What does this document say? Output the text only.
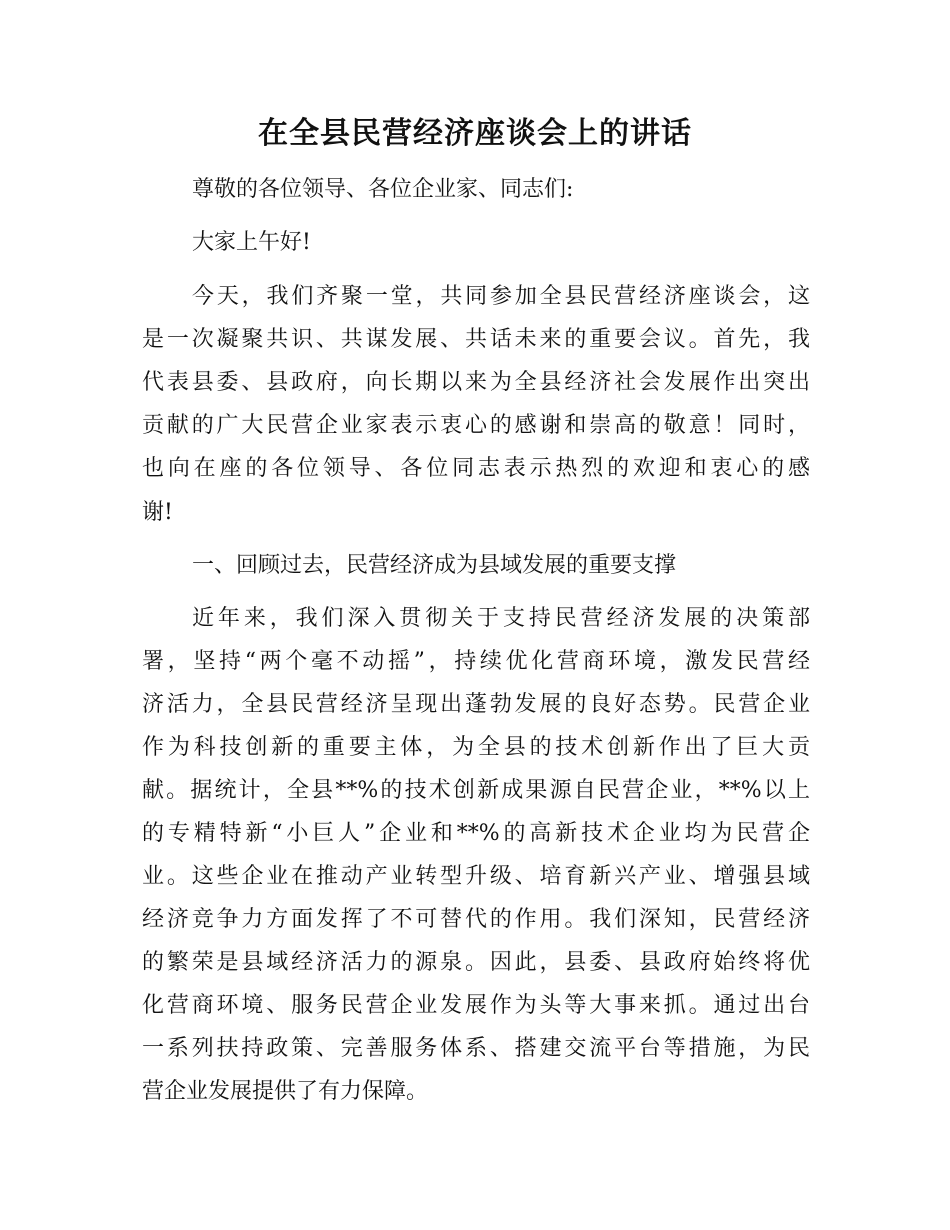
在全县民营经济座谈会上的讲话
尊敬的各位领导、各位企业家、同志们:
大家上午好!
今天，我们齐聚一堂，共同参加全县民营经济座谈会，这
是一次凝聚共识、共谋发展、共话未来的重要会议。首先，我
代表县委、县政府，向长期以来为全县经济社会发展作出突出
贡献的广大民营企业家表示衷心的感谢和崇高的敬意！同时，
也向在座的各位领导、各位同志表示热烈的欢迎和衷心的感
谢!
一、回顾过去，民营经济成为县域发展的重要支撑
近年来，我们深入贯彻关于支持民营经济发展的决策部
署，坚持“两个毫不动摇”，持续优化营商环境，激发民营经
济活力，全县民营经济呈现出蓬勃发展的良好态势。民营企业
作为科技创新的重要主体，为全县的技术创新作出了巨大贡
献。据统计，全县**%的技术创新成果源自民营企业，**%以上
的专精特新“小巨人”企业和**%的高新技术企业均为民营企
业。这些企业在推动产业转型升级、培育新兴产业、增强县域
经济竞争力方面发挥了不可替代的作用。我们深知，民营经济
的繁荣是县域经济活力的源泉。因此，县委、县政府始终将优
化营商环境、服务民营企业发展作为头等大事来抓。通过出台
一系列扶持政策、完善服务体系、搭建交流平台等措施，为民
营企业发展提供了有力保障。
